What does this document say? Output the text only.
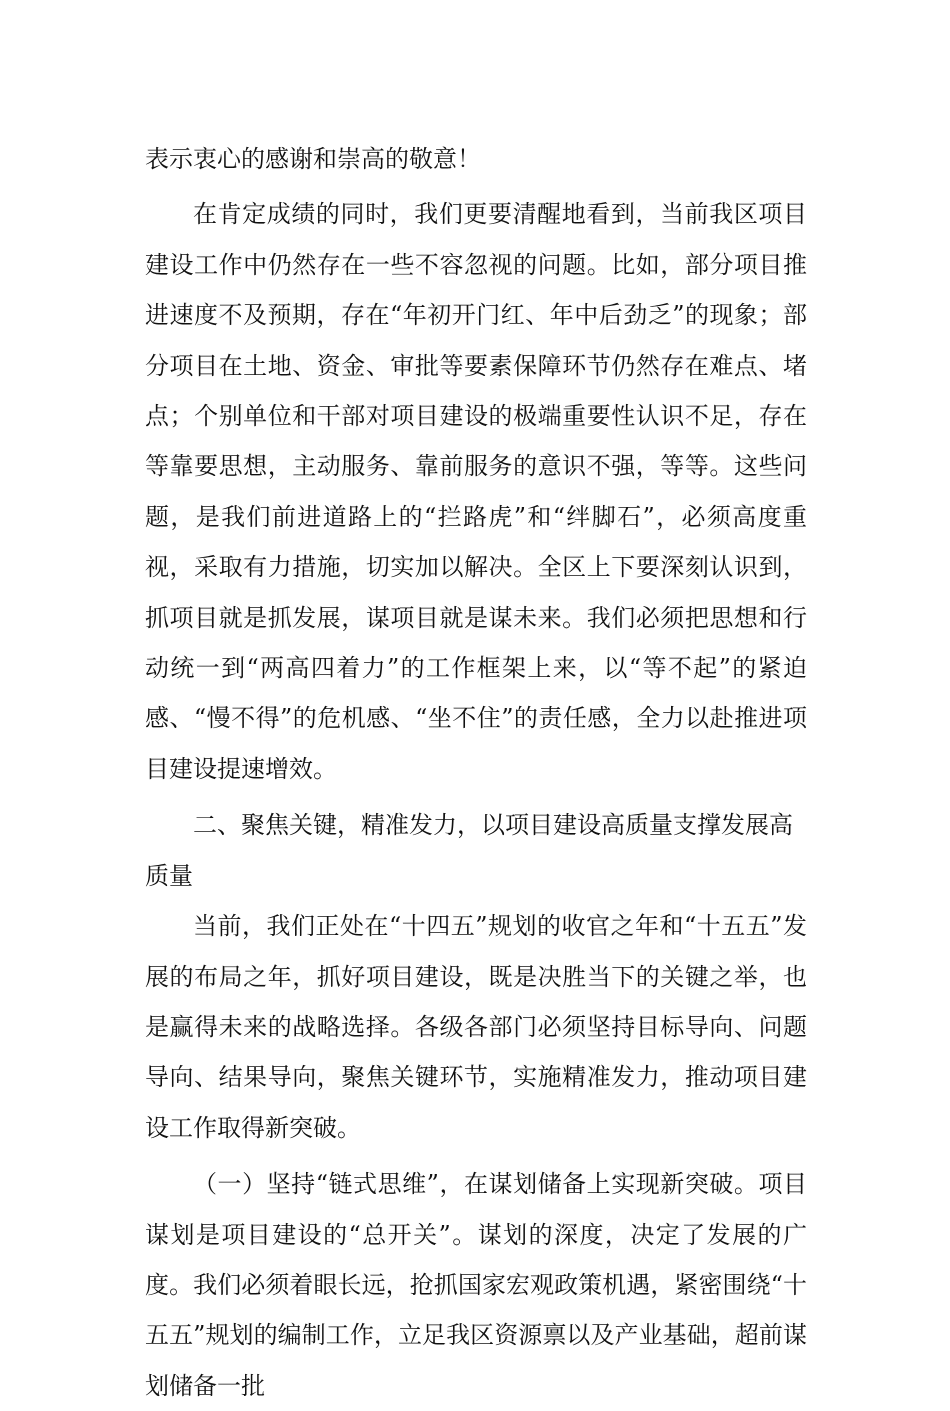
表示衷心的感谢和崇高的敬意！

在肯定成绩的同时，我们更要清醒地看到，当前我区项目建设工作中仍然存在一些不容忽视的问题。比如，部分项目推进速度不及预期，存在“年初开门红、年中后劲乏”的现象；部分项目在土地、资金、审批等要素保障环节仍然存在难点、堵点；个别单位和干部对项目建设的极端重要性认识不足，存在等靠要思想，主动服务、靠前服务的意识不强，等等。这些问题，是我们前进道路上的“拦路虎”和“绊脚石”，必须高度重视，采取有力措施，切实加以解决。全区上下要深刻认识到，抓项目就是抓发展，谋项目就是谋未来。我们必须把思想和行动统一到“两高四着力”的工作框架上来，以“等不起”的紧迫感、“慢不得”的危机感、“坐不住”的责任感，全力以赴推进项目建设提速增效。

二、聚焦关键，精准发力，以项目建设高质量支撑发展高质量

当前，我们正处在“十四五”规划的收官之年和“十五五”发展的布局之年，抓好项目建设，既是决胜当下的关键之举，也是赢得未来的战略选择。各级各部门必须坚持目标导向、问题导向、结果导向，聚焦关键环节，实施精准发力，推动项目建设工作取得新突破。

（一）坚持“链式思维”，在谋划储备上实现新突破。项目谋划是项目建设的“总开关”。谋划的深度，决定了发展的广度。我们必须着眼长远，抢抓国家宏观政策机遇，紧密围绕“十五五”规划的编制工作，立足我区资源禀以及产业基础，超前谋划储备一批
